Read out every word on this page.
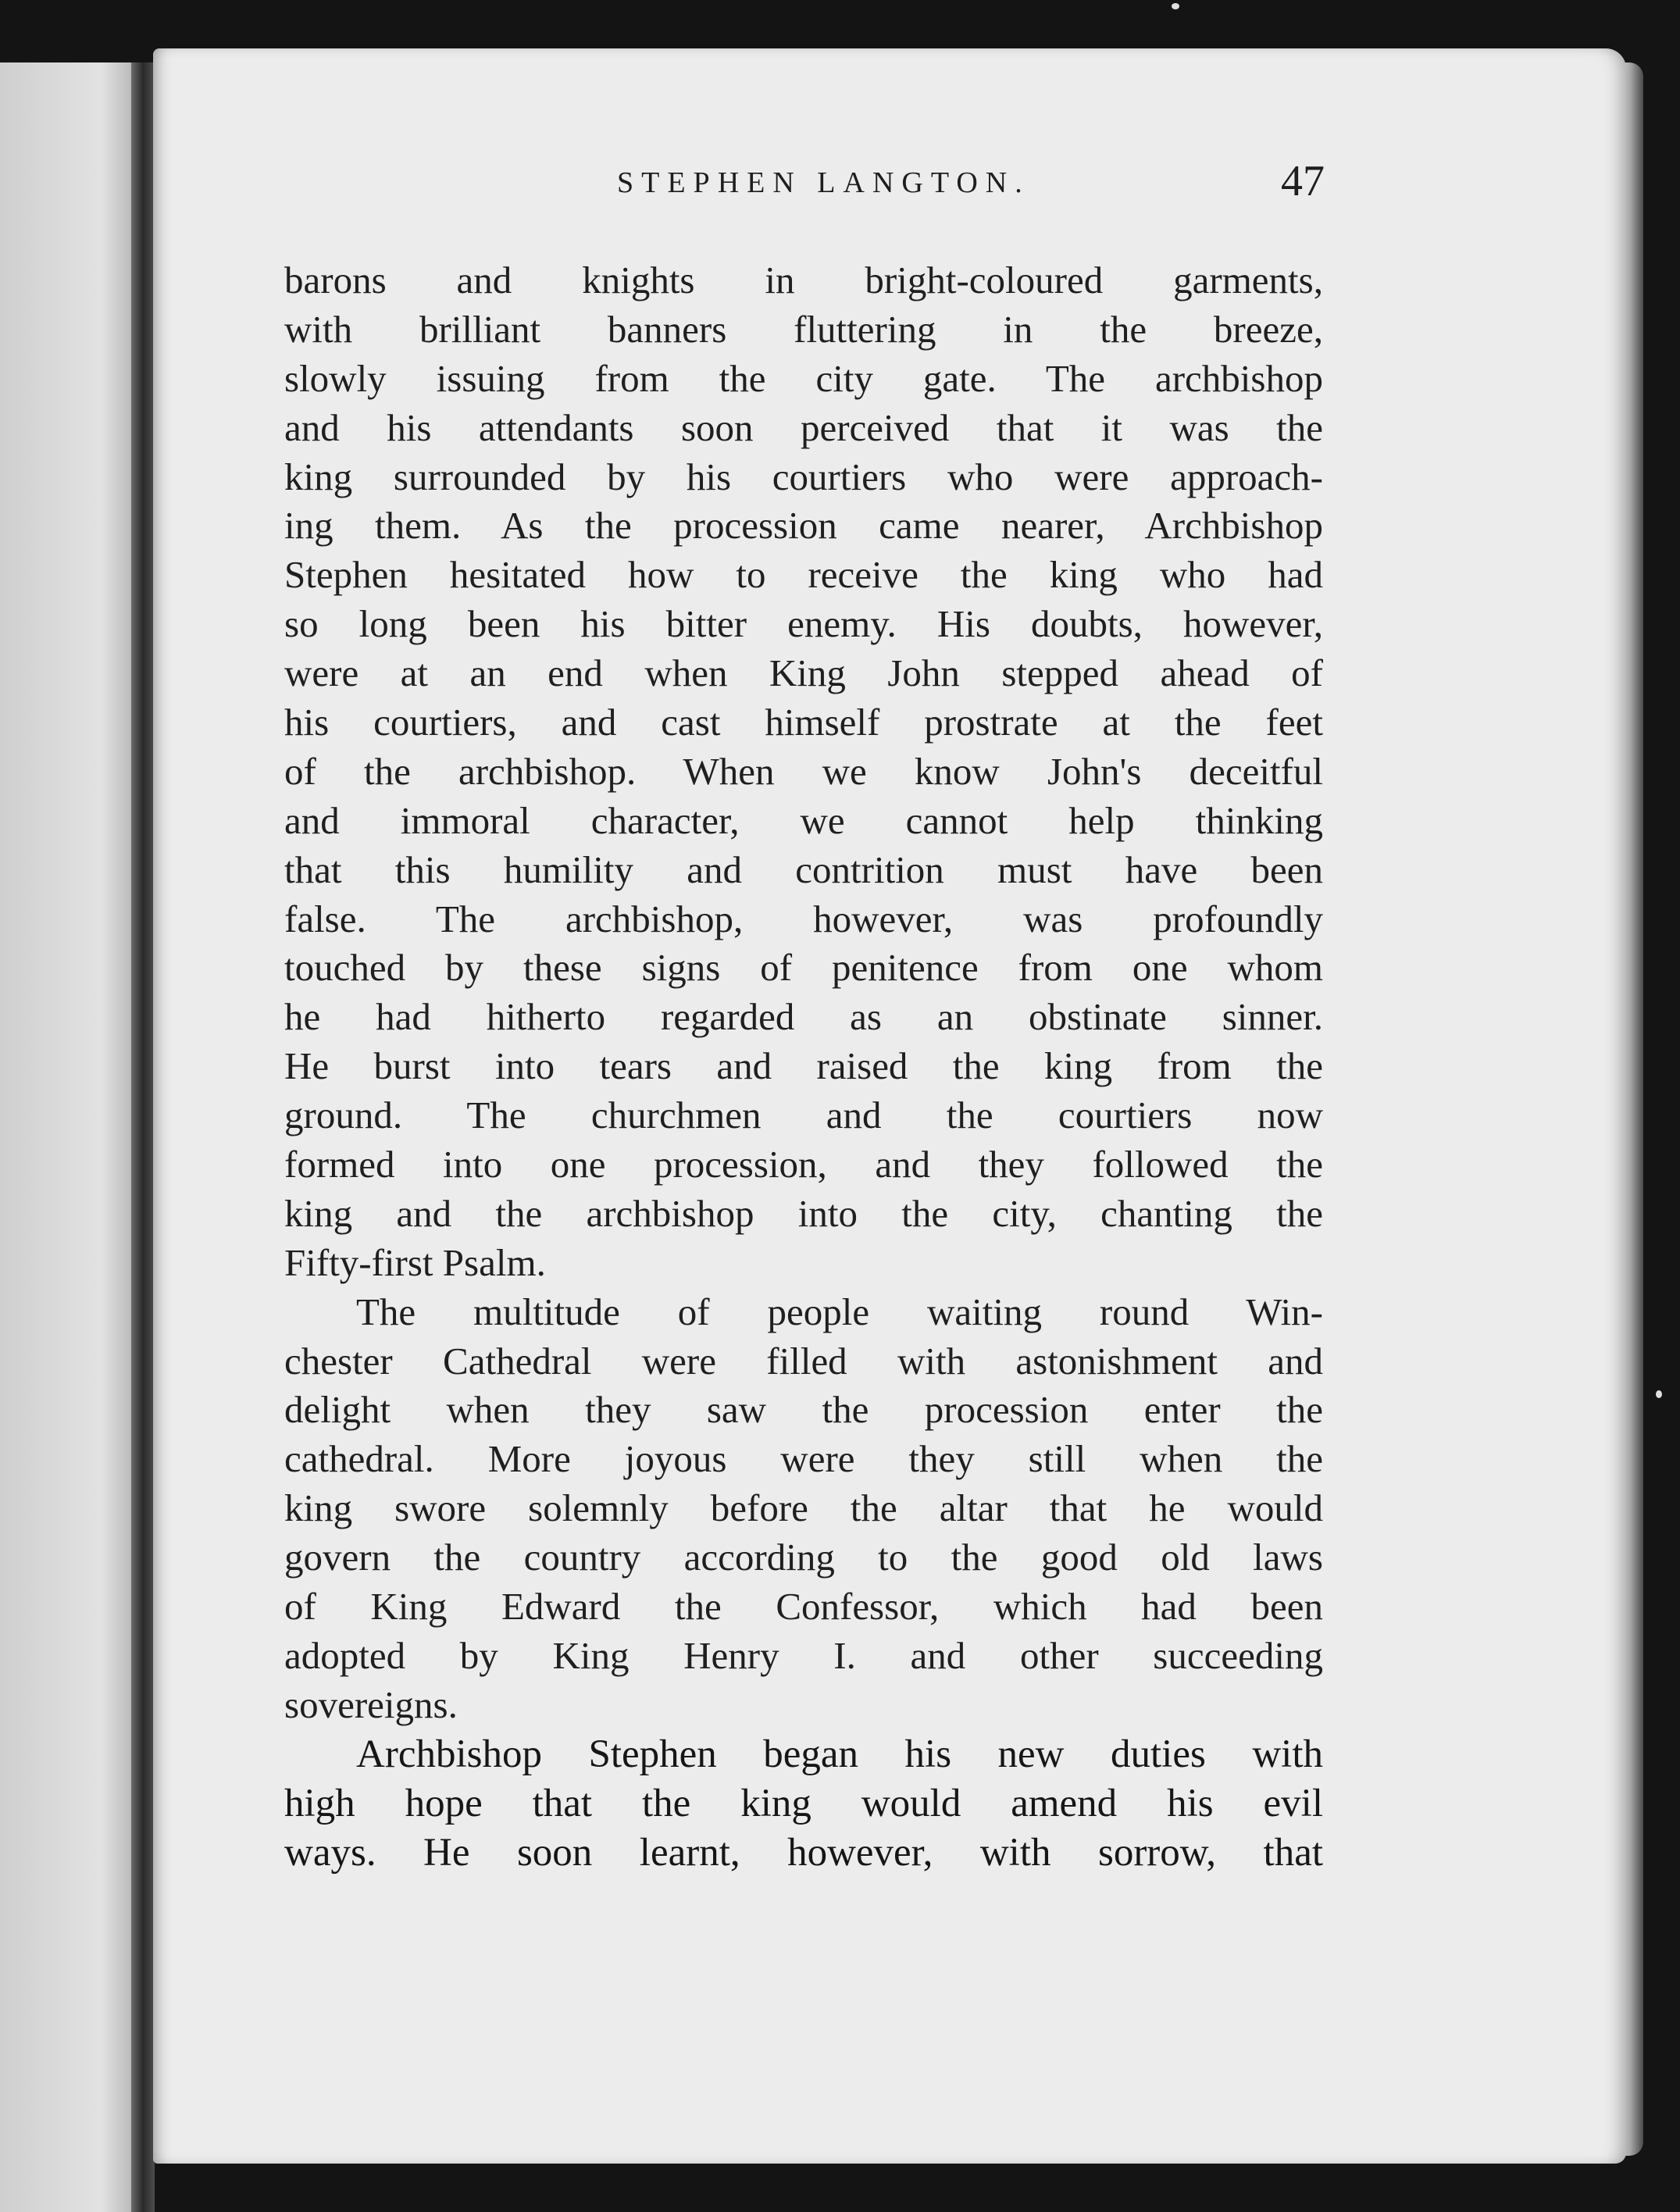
STEPHEN LANGTON.	47
barons and knights in bright-coloured garments,
with brilliant banners fluttering in the breeze,
slowly issuing from the city gate. The archbishop
and his attendants soon perceived that it was the
king surrounded by his courtiers who were approach-
ing them. As the procession came nearer, Archbishop
Stephen hesitated how to receive the king who had
so long been his bitter enemy. His doubts, however,
were at an end when King John stepped ahead of
his courtiers, and cast himself prostrate at the feet
of the archbishop. When we know John's deceitful
and immoral character, we cannot help thinking
that this humility and contrition must have been
false. The archbishop, however, was profoundly
touched by these signs of penitence from one whom
he had hitherto regarded as an obstinate sinner.
He burst into tears and raised the king from the
ground. The churchmen and the courtiers now
formed into one procession, and they followed the
king and the archbishop into the city, chanting the
Fifty-first Psalm.
The multitude of people waiting round Win-
chester Cathedral were filled with astonishment and
delight when they saw the procession enter the
cathedral. More joyous were they still when the
king swore solemnly before the altar that he would
govern the country according to the good old laws
of King Edward the Confessor, which had been
adopted by King Henry I. and other succeeding
sovereigns.
Archbishop Stephen began his new duties with
high hope that the king would amend his evil
ways. He soon learnt, however, with sorrow, that
